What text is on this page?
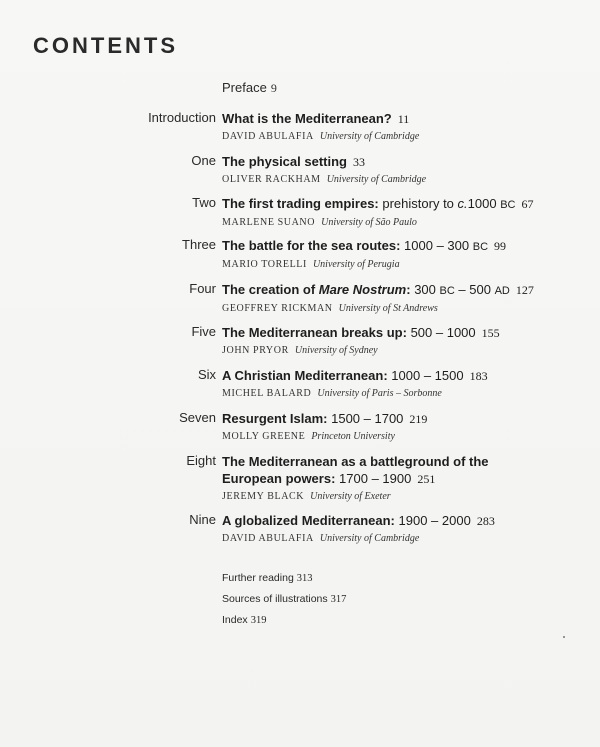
CONTENTS
Preface 9
Introduction What is the Mediterranean? 11
DAVID ABULAFIA University of Cambridge
One The physical setting 33
OLIVER RACKHAM University of Cambridge
Two The first trading empires: prehistory to c.1000 BC 67
MARLENE SUANO University of São Paulo
Three The battle for the sea routes: 1000 – 300 BC 99
MARIO TORELLI University of Perugia
Four The creation of Mare Nostrum: 300 BC – 500 AD 127
GEOFFREY RICKMAN University of St Andrews
Five The Mediterranean breaks up: 500 – 1000 155
JOHN PRYOR University of Sydney
Six A Christian Mediterranean: 1000 – 1500 183
MICHEL BALARD University of Paris – Sorbonne
Seven Resurgent Islam: 1500 – 1700 219
MOLLY GREENE Princeton University
Eight The Mediterranean as a battleground of the
European powers: 1700 – 1900 251
JEREMY BLACK University of Exeter
Nine A globalized Mediterranean: 1900 – 2000 283
DAVID ABULAFIA University of Cambridge
Further reading 313
Sources of illustrations 317
Index 319
